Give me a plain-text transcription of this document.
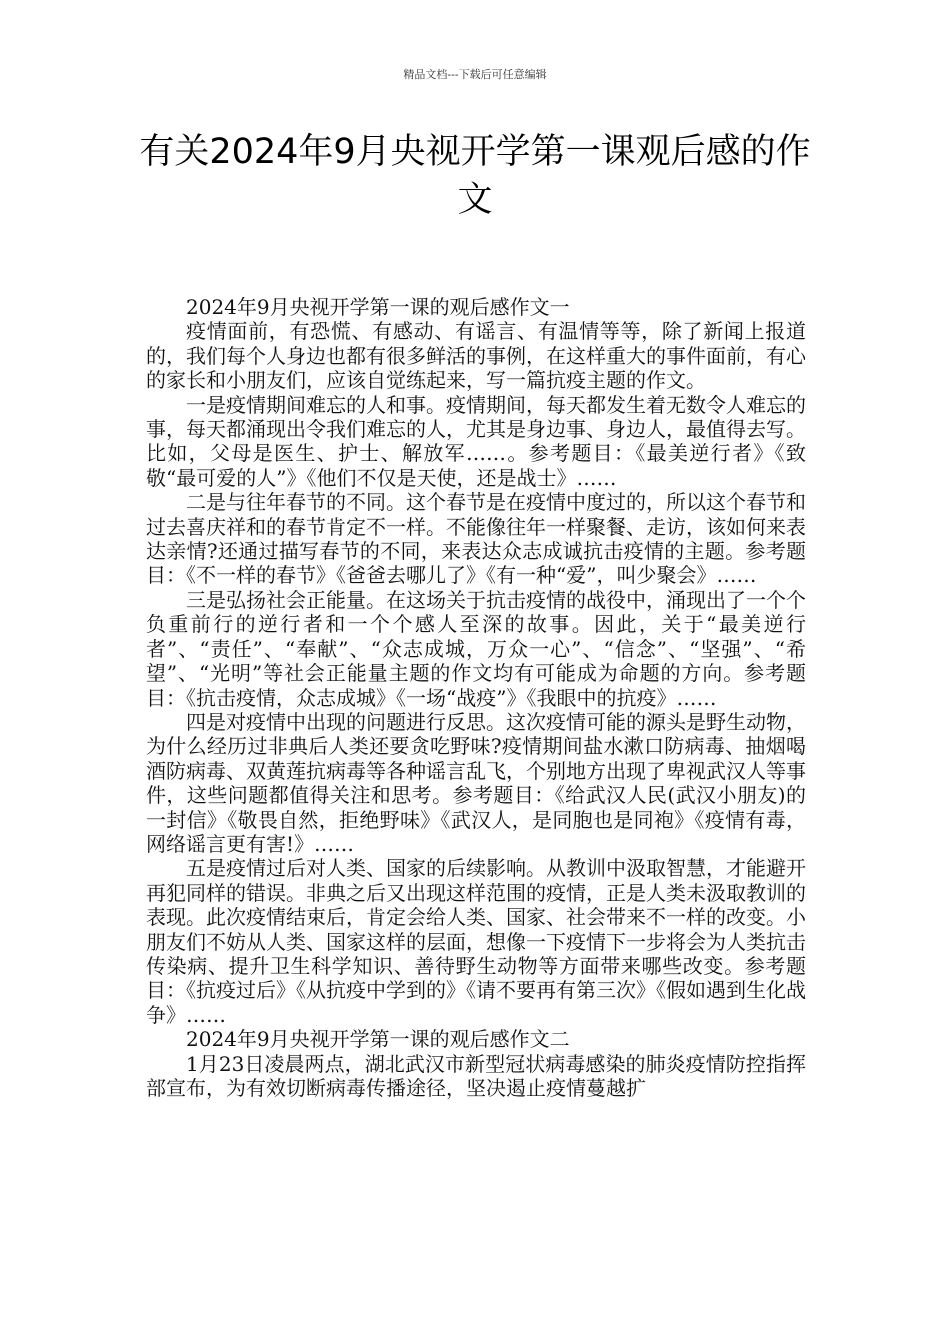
精品文档---下载后可任意编辑
有关2024年9月央视开学第一课观后感的作文

2024年9月央视开学第一课的观后感作文一

疫情面前，有恐慌、有感动、有谣言、有温情等等，除了新闻上报道的，我们每个人身边也都有很多鲜活的事例，在这样重大的事件面前，有心的家长和小朋友们，应该自觉练起来，写一篇抗疫主题的作文。

一是疫情期间难忘的人和事。疫情期间，每天都发生着无数令人难忘的事，每天都涌现出令我们难忘的人，尤其是身边事、身边人，最值得去写。比如，父母是医生、护士、解放军……。参考题目：《最美逆行者》《致敬“最可爱的人”》《他们不仅是天使，还是战士》……

二是与往年春节的不同。这个春节是在疫情中度过的，所以这个春节和过去喜庆祥和的春节肯定不一样。不能像往年一样聚餐、走访，该如何来表达亲情?还通过描写春节的不同，来表达众志成诚抗击疫情的主题。参考题目：《不一样的春节》《爸爸去哪儿了》《有一种“爱”，叫少聚会》……

三是弘扬社会正能量。在这场关于抗击疫情的战役中，涌现出了一个个负重前行的逆行者和一个个感人至深的故事。因此，关于“最美逆行者”、“责任”、“奉献”、“众志成城，万众一心”、“信念”、“坚强”、“希望”、“光明”等社会正能量主题的作文均有可能成为命题的方向。参考题目：《抗击疫情，众志成城》《一场“战疫”》《我眼中的抗疫》……

四是对疫情中出现的问题进行反思。这次疫情可能的源头是野生动物，为什么经历过非典后人类还要贪吃野味?疫情期间盐水漱口防病毒、抽烟喝酒防病毒、双黄莲抗病毒等各种谣言乱飞，个别地方出现了卑视武汉人等事件，这些问题都值得关注和思考。参考题目：《给武汉人民(武汉小朋友)的一封信》《敬畏自然，拒绝野味》《武汉人，是同胞也是同袍》《疫情有毒，网络谣言更有害!》……

五是疫情过后对人类、国家的后续影响。从教训中汲取智慧，才能避开再犯同样的错误。非典之后又出现这样范围的疫情，正是人类未汲取教训的表现。此次疫情结束后，肯定会给人类、国家、社会带来不一样的改变。小朋友们不妨从人类、国家这样的层面，想像一下疫情下一步将会为人类抗击传染病、提升卫生科学知识、善待野生动物等方面带来哪些改变。参考题目：《抗疫过后》《从抗疫中学到的》《请不要再有第三次》《假如遇到生化战争》……

2024年9月央视开学第一课的观后感作文二

1月23日凌晨两点，湖北武汉市新型冠状病毒感染的肺炎疫情防控指挥部宣布，为有效切断病毒传播途径，坚决遏止疫情蔓越扩
